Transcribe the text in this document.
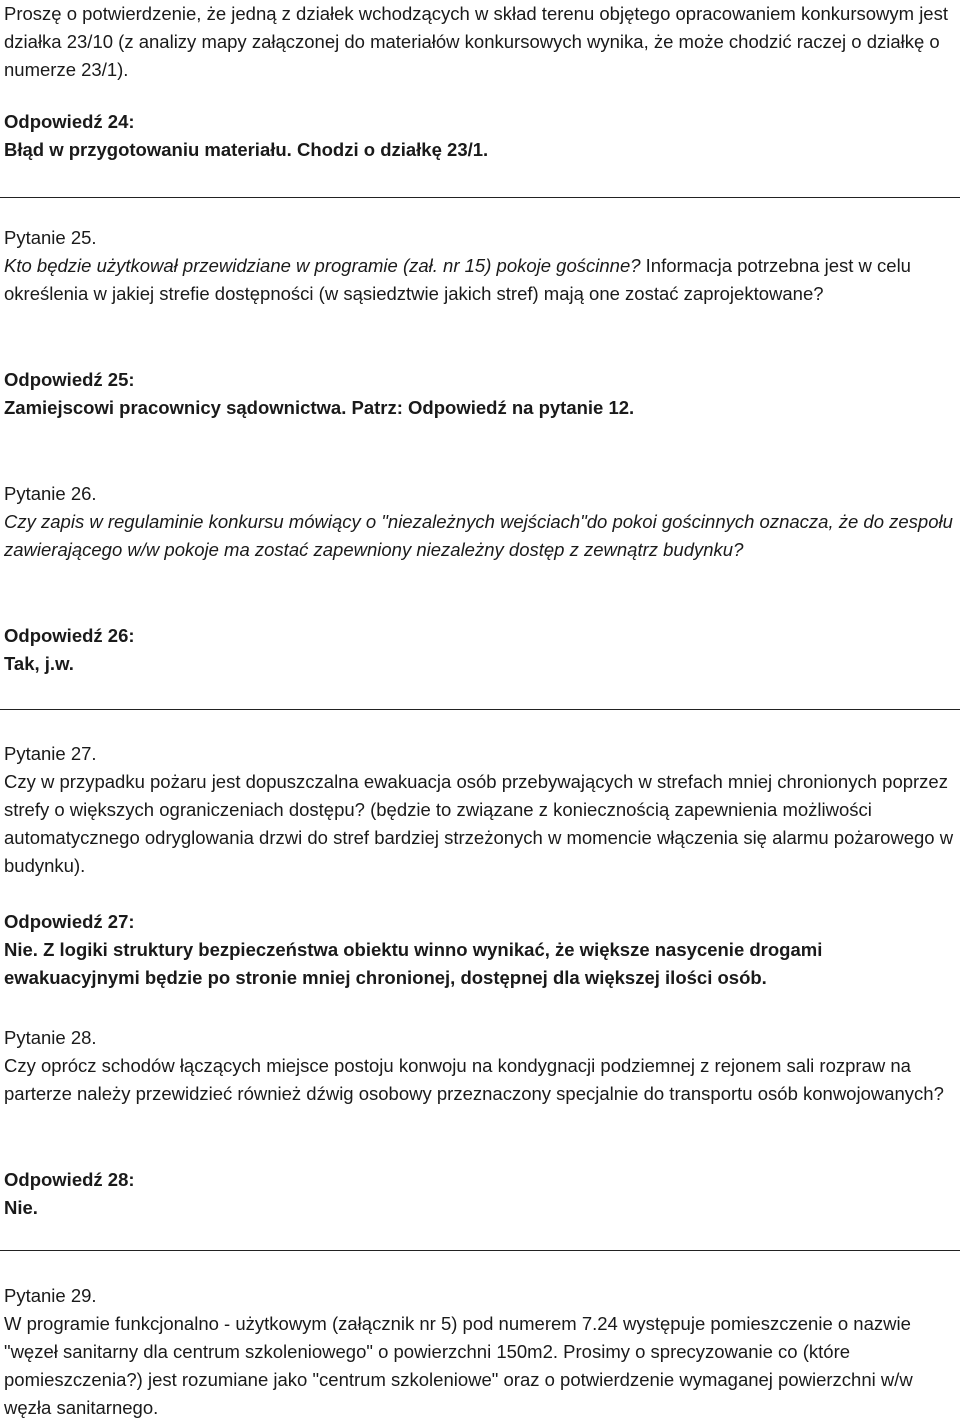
Proszę o potwierdzenie, że jedną z działek wchodzących w skład terenu objętego opracowaniem konkursowym jest działka 23/10 (z analizy mapy załączonej do materiałów konkursowych wynika, że może chodzić raczej o działkę o numerze 23/1).

Odpowiedź 24:

Błąd w przygotowaniu materiału. Chodzi o działkę 23/1.

Pytanie 25.

Kto będzie użytkował przewidziane w programie (zał. nr 15) pokoje gościnne? Informacja potrzebna jest w celu określenia w jakiej strefie dostępności (w sąsiedztwie jakich stref) mają one zostać zaprojektowane?

Odpowiedź 25:

Zamiejscowi pracownicy sądownictwa. Patrz: Odpowiedź na pytanie 12.

Pytanie 26.

Czy zapis w regulaminie konkursu mówiący o "niezależnych wejściach"do pokoi gościnnych oznacza, że do zespołu zawierającego w/w pokoje ma zostać zapewniony niezależny dostęp z zewnątrz budynku?

Odpowiedź 26:

Tak, j.w.

Pytanie 27.

Czy w przypadku pożaru jest dopuszczalna ewakuacja osób przebywających w strefach mniej chronionych poprzez strefy o większych ograniczeniach dostępu? (będzie to związane z koniecznością zapewnienia możliwości automatycznego odryglowania drzwi do stref bardziej strzeżonych w momencie włączenia się alarmu pożarowego w budynku).

Odpowiedź 27:

Nie. Z logiki struktury bezpieczeństwa obiektu winno wynikać, że większe nasycenie drogami ewakuacyjnymi będzie po stronie mniej chronionej, dostępnej dla większej ilości osób.

Pytanie 28.

Czy oprócz schodów łączących miejsce postoju konwoju na kondygnacji podziemnej z rejonem sali rozpraw na parterze należy przewidzieć również dźwig osobowy przeznaczony specjalnie do transportu osób konwojowanych?

Odpowiedź 28:

Nie.

Pytanie 29.

W programie funkcjonalno - użytkowym (załącznik nr 5) pod numerem 7.24 występuje pomieszczenie o nazwie "węzeł sanitarny dla centrum szkoleniowego" o powierzchni 150m2. Prosimy o sprecyzowanie co (które pomieszczenia?) jest rozumiane jako "centrum szkoleniowe" oraz o potwierdzenie wymaganej powierzchni w/w węzła sanitarnego.
